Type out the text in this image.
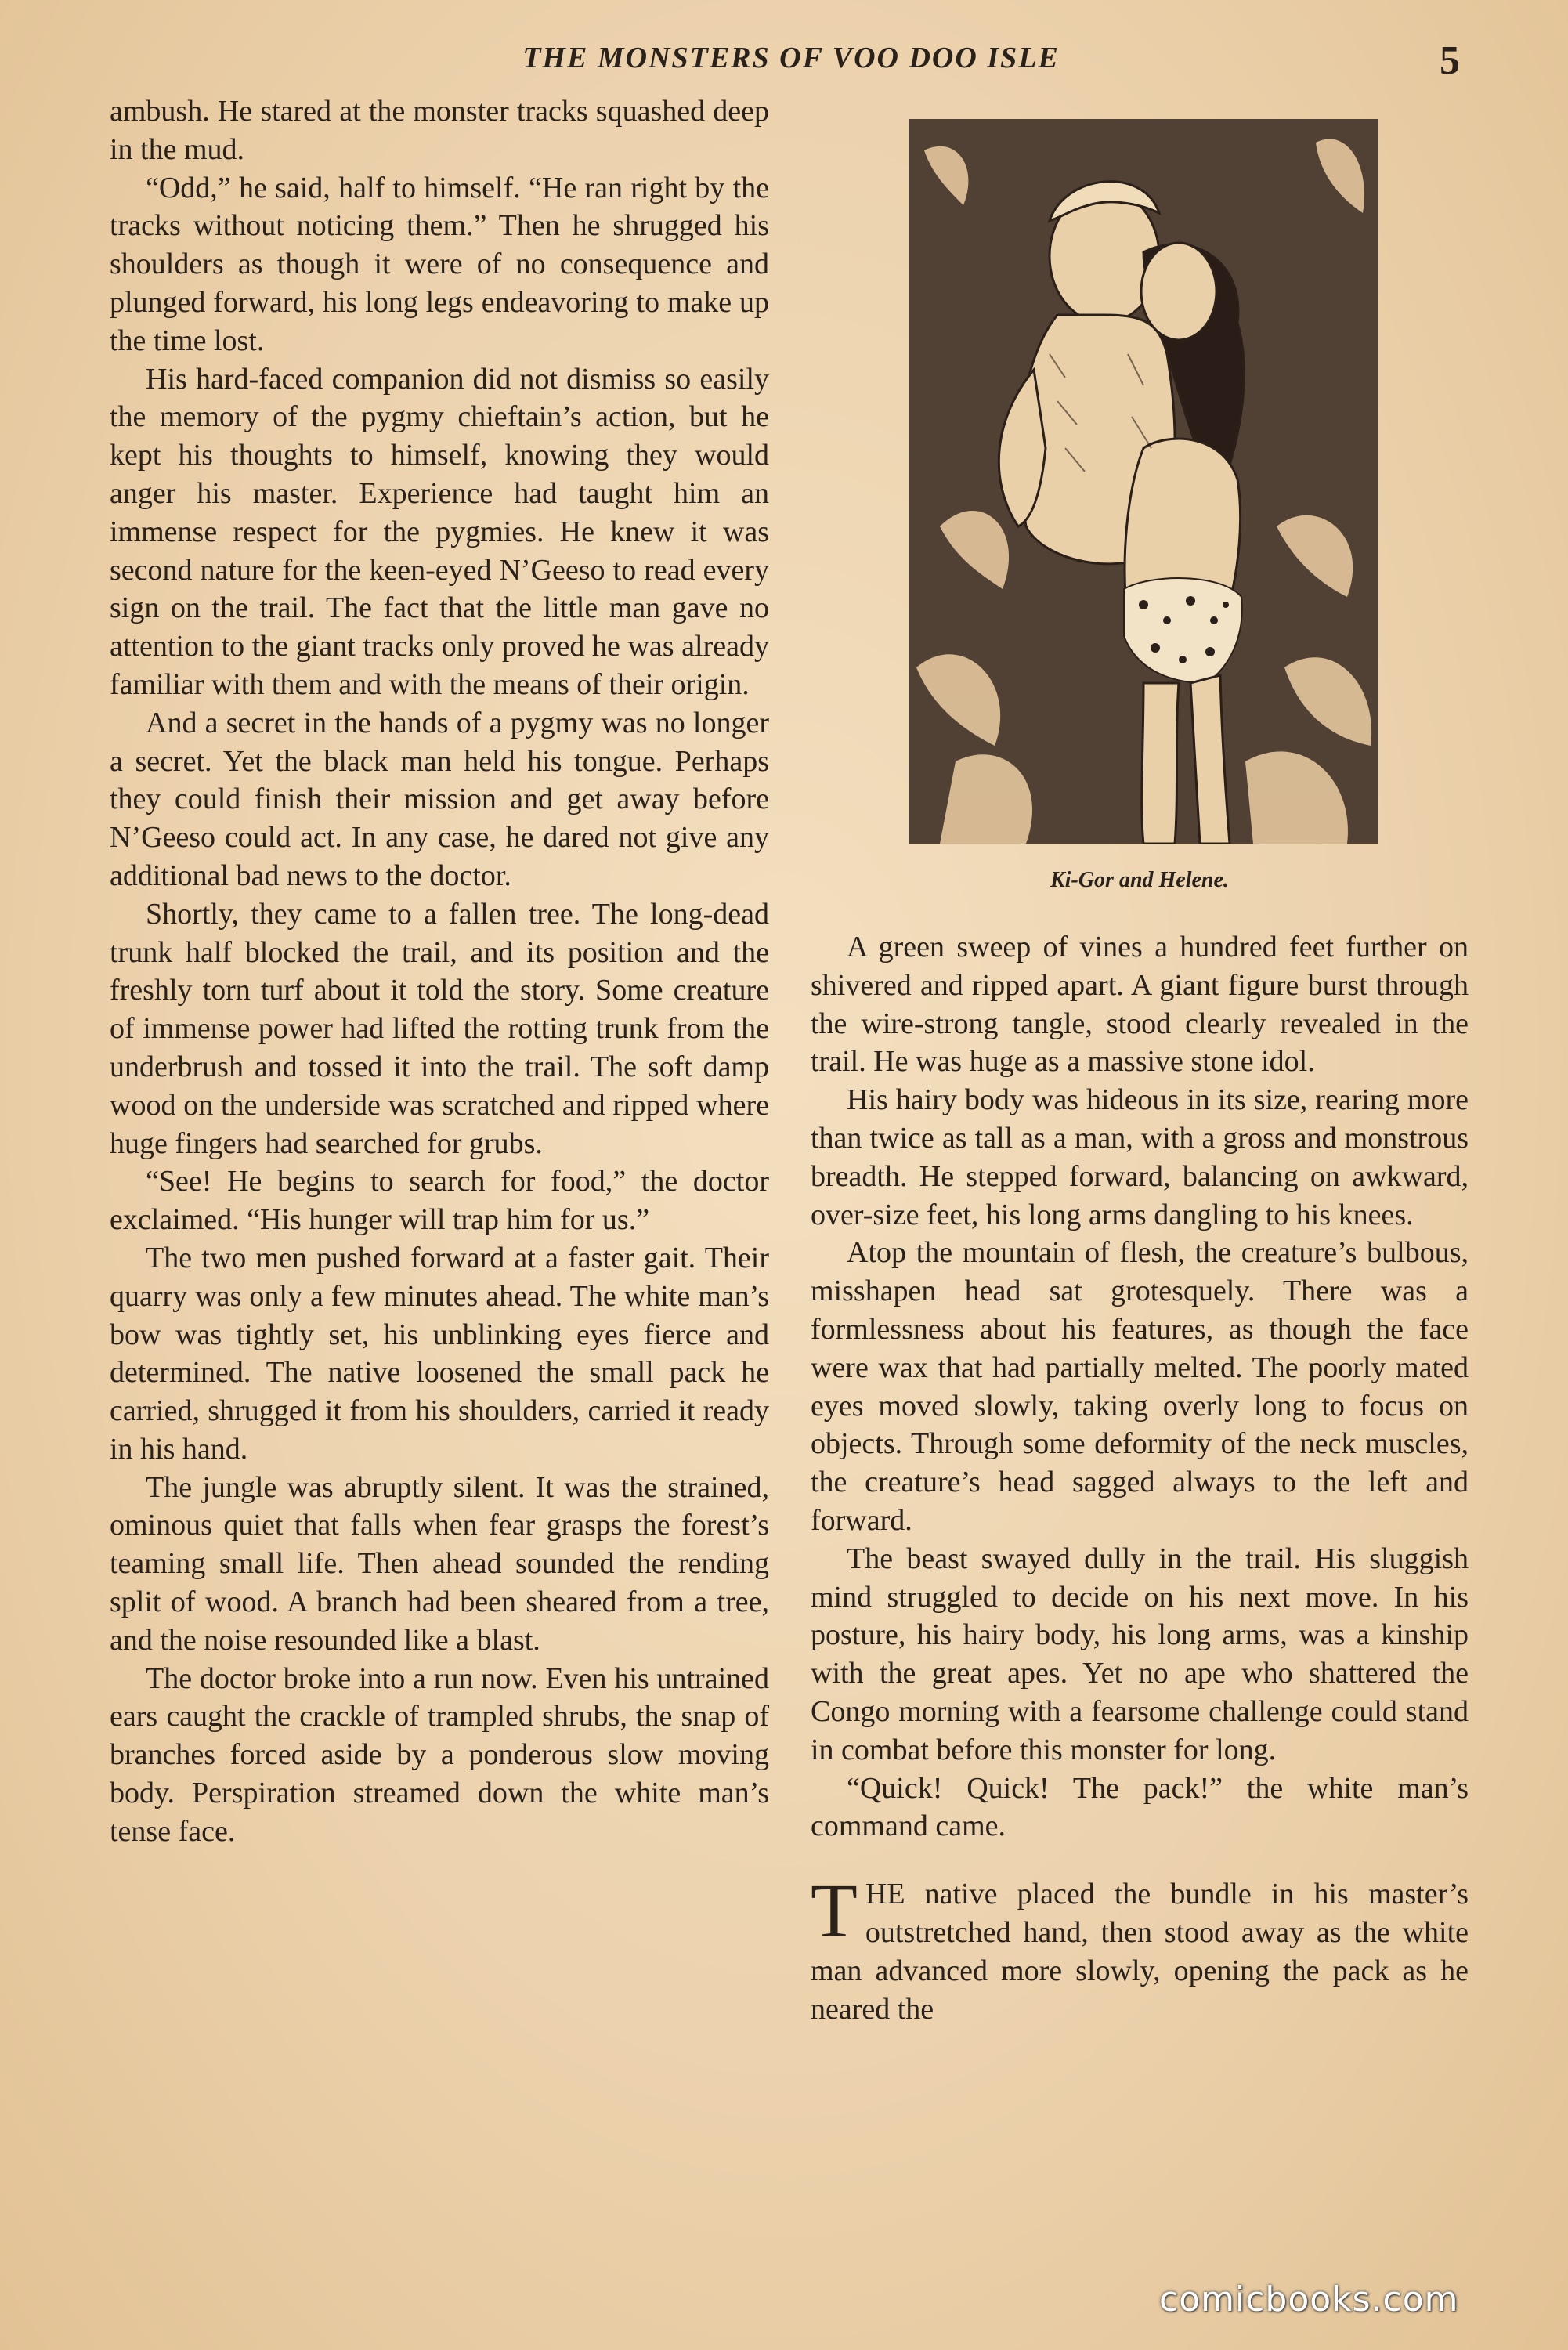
THE MONSTERS OF VOO DOO ISLE	5

ambush. He stared at the monster tracks squashed deep in the mud.

“Odd,” he said, half to himself. “He ran right by the tracks without noticing them.” Then he shrugged his shoulders as though it were of no consequence and plunged forward, his long legs endeavoring to make up the time lost.

His hard-faced companion did not dismiss so easily the memory of the pygmy chieftain’s action, but he kept his thoughts to himself, knowing they would anger his master. Experience had taught him an immense respect for the pygmies. He knew it was second nature for the keen-eyed N’Geeso to read every sign on the trail. The fact that the little man gave no attention to the giant tracks only proved he was already familiar with them and with the means of their origin.

And a secret in the hands of a pygmy was no longer a secret. Yet the black man held his tongue. Perhaps they could finish their mission and get away before N’Geeso could act. In any case, he dared not give any additional bad news to the doctor.

Shortly, they came to a fallen tree. The long-dead trunk half blocked the trail, and its position and the freshly torn turf about it told the story. Some creature of immense power had lifted the rotting trunk from the underbrush and tossed it into the trail. The soft damp wood on the underside was scratched and ripped where huge fingers had searched for grubs.

“See! He begins to search for food,” the doctor exclaimed. “His hunger will trap him for us.”

The two men pushed forward at a faster gait. Their quarry was only a few minutes ahead. The white man’s bow was tightly set, his unblinking eyes fierce and determined. The native loosened the small pack he carried, shrugged it from his shoulders, carried it ready in his hand.

The jungle was abruptly silent. It was the strained, ominous quiet that falls when fear grasps the forest’s teaming small life. Then ahead sounded the rending split of wood. A branch had been sheared from a tree, and the noise resounded like a blast.

The doctor broke into a run now. Even his untrained ears caught the crackle of trampled shrubs, the snap of branches forced aside by a ponderous slow moving body. Perspiration streamed down the white man’s tense face.

Ki-Gor and Helene.

A green sweep of vines a hundred feet further on shivered and ripped apart. A giant figure burst through the wire-strong tangle, stood clearly revealed in the trail. He was huge as a massive stone idol.

His hairy body was hideous in its size, rearing more than twice as tall as a man, with a gross and monstrous breadth. He stepped forward, balancing on awkward, over-size feet, his long arms dangling to his knees.

Atop the mountain of flesh, the creature’s bulbous, misshapen head sat grotesquely. There was a formlessness about his features, as though the face were wax that had partially melted. The poorly mated eyes moved slowly, taking overly long to focus on objects. Through some deformity of the neck muscles, the creature’s head sagged always to the left and forward.

The beast swayed dully in the trail. His sluggish mind struggled to decide on his next move. In his posture, his hairy body, his long arms, was a kinship with the great apes. Yet no ape who shattered the Congo morning with a fearsome challenge could stand in combat before this monster for long.

“Quick! Quick! The pack!” the white man’s command came.

THE native placed the bundle in his master’s outstretched hand, then stood away as the white man advanced more slowly, opening the pack as he neared the

comicbooks.com
